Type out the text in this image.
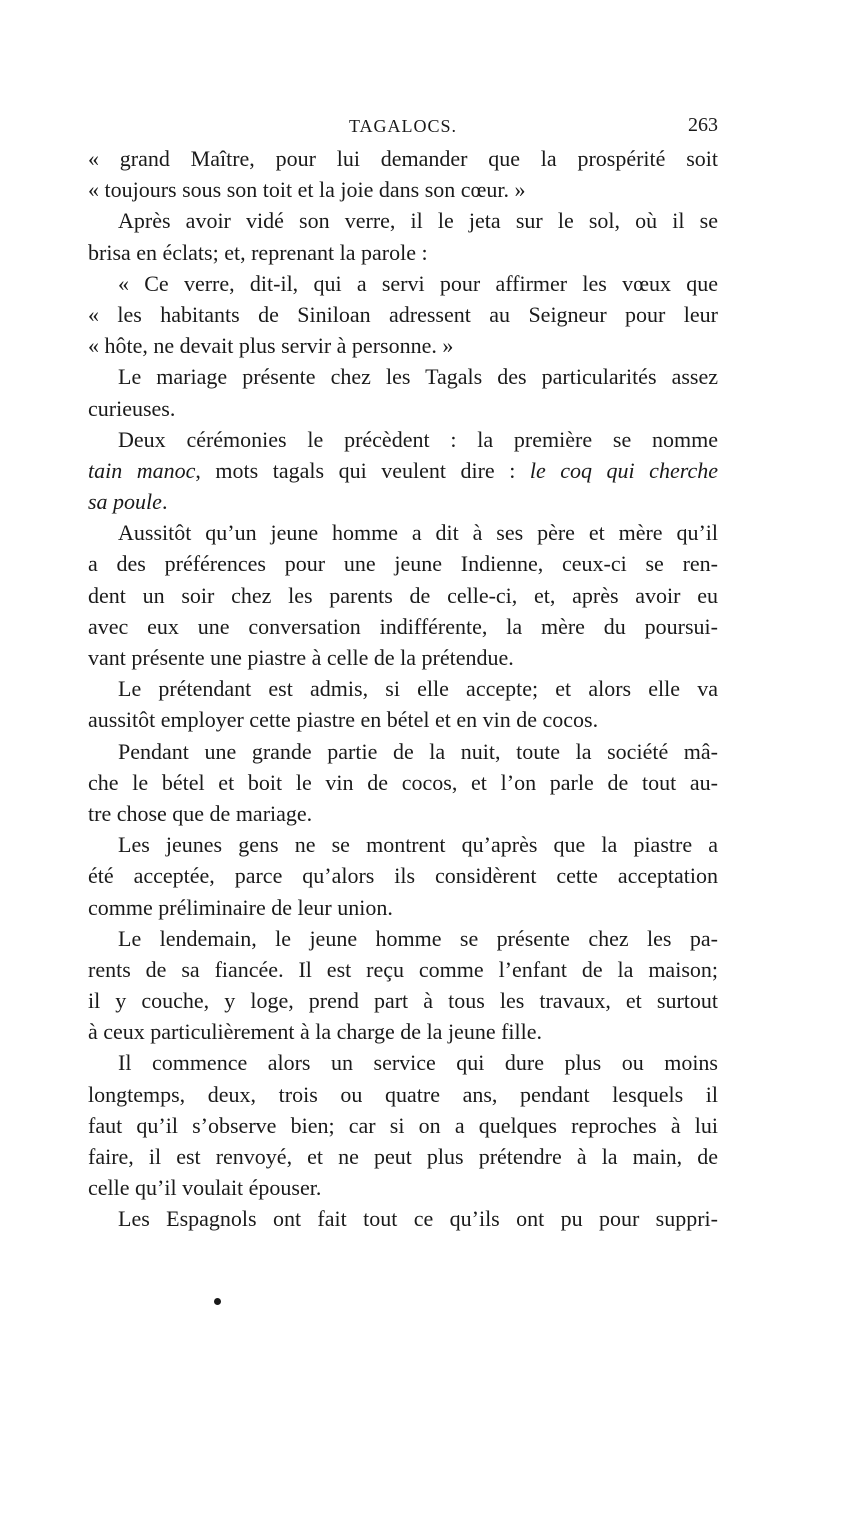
TAGALOCS.	263
« grand Maître, pour lui demander que la prospérité soit
« toujours sous son toit et la joie dans son cœur. »
Après avoir vidé son verre, il le jeta sur le sol, où il se
brisa en éclats; et, reprenant la parole :
« Ce verre, dit-il, qui a servi pour affirmer les vœux que
« les habitants de Siniloan adressent au Seigneur pour leur
« hôte, ne devait plus servir à personne. »
Le mariage présente chez les Tagals des particularités assez
curieuses.
Deux cérémonies le précèdent : la première se nomme
tain manoc, mots tagals qui veulent dire : le coq qui cherche
sa poule.
Aussitôt qu’un jeune homme a dit à ses père et mère qu’il
a des préférences pour une jeune Indienne, ceux-ci se ren-
dent un soir chez les parents de celle-ci, et, après avoir eu
avec eux une conversation indifférente, la mère du poursui-
vant présente une piastre à celle de la prétendue.
Le prétendant est admis, si elle accepte; et alors elle va
aussitôt employer cette piastre en bétel et en vin de cocos.
Pendant une grande partie de la nuit, toute la société mâ-
che le bétel et boit le vin de cocos, et l’on parle de tout au-
tre chose que de mariage.
Les jeunes gens ne se montrent qu’après que la piastre a
été acceptée, parce qu’alors ils considèrent cette acceptation
comme préliminaire de leur union.
Le lendemain, le jeune homme se présente chez les pa-
rents de sa fiancée. Il est reçu comme l’enfant de la maison;
il y couche, y loge, prend part à tous les travaux, et surtout
à ceux particulièrement à la charge de la jeune fille.
Il commence alors un service qui dure plus ou moins
longtemps, deux, trois ou quatre ans, pendant lesquels il
faut qu’il s’observe bien; car si on a quelques reproches à lui
faire, il est renvoyé, et ne peut plus prétendre à la main, de
celle qu’il voulait épouser.
Les Espagnols ont fait tout ce qu’ils ont pu pour suppri-
